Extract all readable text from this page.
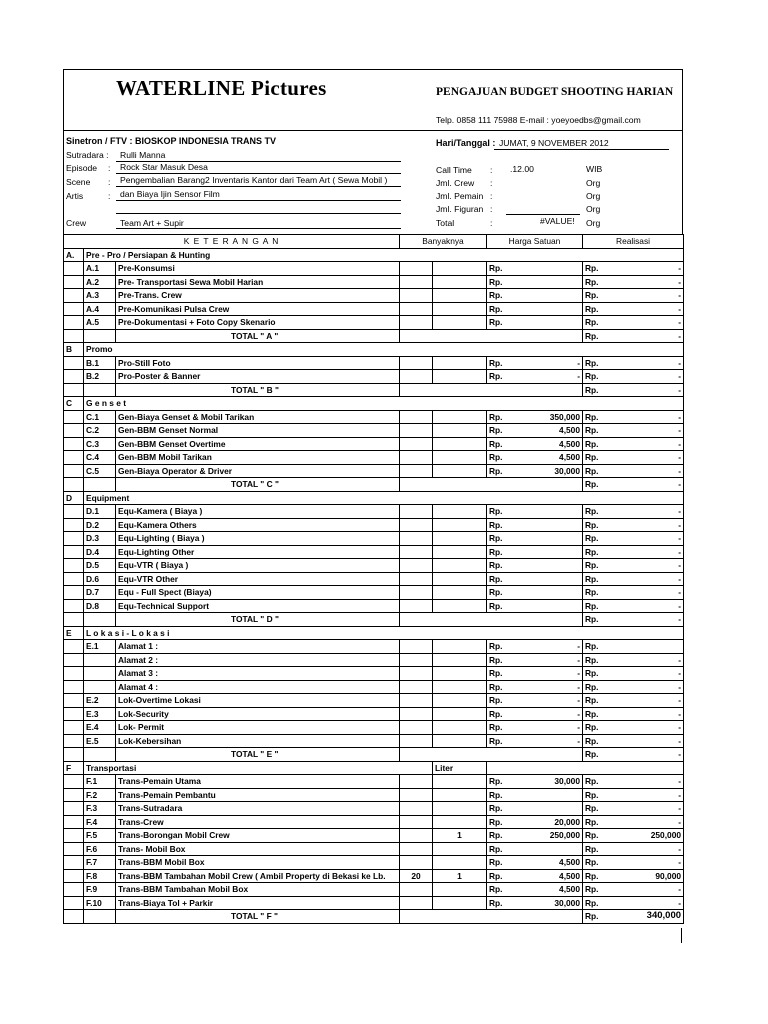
WATERLINE Pictures	PENGAJUAN BUDGET SHOOTING HARIAN
Telp. 0858 111 75988 E-mail : yoeyoedbs@gmail.com
Sinetron / FTV : BIOSKOP INDONESIA TRANS TV
Sutradara : Rulli Manna
Episode : Rock Star Masuk Desa
Scene : Pengembalian Barang2 Inventaris Kantor dari Team Art ( Sewa Mobil )
Artis	: dan Biaya Ijin Sensor Film
Crew	Team Art + Supir
Hari/Tanggal : JUMAT, 9 NOVEMBER 2012
Call Time : .12.00	WIB
Jml. Crew :	Org
Jml. Pemain :	Org
Jml. Figuran :	Org
Total	:	#VALUE! Org
K E T E R A N G A N			Banyaknya		Harga Satuan		Realisasi	
A.	Pre - Pro / Persiapan & Hunting							
	A.1	Pre-Konsumsi			Rp.		Rp.	-
	A.2	Pre- Transportasi Sewa Mobil Harian			Rp.		Rp.	-
	A.3	Pre-Trans. Crew			Rp.		Rp.	-
	A.4	Pre-Komunikasi Pulsa Crew			Rp.		Rp.	-
	A.5	Pre-Dokumentasi + Foto Copy Skenario			Rp.		Rp.	-
		TOTAL " A "					Rp.	-
B	Promo							
	B.1	Pro-Still Foto			Rp.	-	Rp.	-
	B.2	Pro-Poster & Banner			Rp.	-	Rp.	-
		TOTAL " B "					Rp.	-
C	G e n s e t							
	C.1	Gen-Biaya Genset & Mobil Tarikan			Rp.	350,000	Rp.	-
	C.2	Gen-BBM Genset Normal			Rp.	4,500	Rp.	-
	C.3	Gen-BBM Genset Overtime			Rp.	4,500	Rp.	-
	C.4	Gen-BBM Mobil Tarikan			Rp.	4,500	Rp.	-
	C.5	Gen-Biaya Operator & Driver			Rp.	30,000	Rp.	-
		TOTAL " C "					Rp.	-
D	Equipment							
	D.1	Equ-Kamera ( Biaya )			Rp.		Rp.	-
	D.2	Equ-Kamera Others			Rp.		Rp.	-
	D.3	Equ-Lighting ( Biaya )			Rp.		Rp.	-
	D.4	Equ-Lighting Other			Rp.		Rp.	-
	D.5	Equ-VTR ( Biaya )			Rp.		Rp.	-
	D.6	Equ-VTR Other			Rp.		Rp.	-
	D.7	Equ - Full Spect (Biaya)			Rp.		Rp.	-
	D.8	Equ-Technical Support			Rp.		Rp.	-
		TOTAL " D "					Rp.	-
E	L o k a s i - L o k a s i							
	E.1	Alamat 1 :			Rp.	-	Rp.	
		Alamat 2 :			Rp.	-	Rp.	-
		Alamat 3 :			Rp.	-	Rp.	-
		Alamat 4 :			Rp.	-	Rp.	-
	E.2	Lok-Overtime Lokasi			Rp.	-	Rp.	-
	E.3	Lok-Security			Rp.	-	Rp.	-
	E.4	Lok- Permit			Rp.	-	Rp.	-
	E.5	Lok-Kebersihan			Rp.	-	Rp.	-
		TOTAL " E "					Rp.	-
F	Transportasi			Liter				
	F.1	Trans-Pemain Utama			Rp.	30,000	Rp.	-
	F.2	Trans-Pemain Pembantu			Rp.		Rp.	-
	F.3	Trans-Sutradara			Rp.		Rp.	-
	F.4	Trans-Crew			Rp.	20,000	Rp.	-
	F.5	Trans-Borongan Mobil Crew		1	Rp.	250,000	Rp.	250,000
	F.6	Trans- Mobil Box			Rp.		Rp.	-
	F.7	Trans-BBM Mobil Box			Rp.	4,500	Rp.	-
	F.8	Trans-BBM Tambahan Mobil Crew ( Ambil Property di Bekasi ke Lb.	20	1	Rp.	4,500	Rp.	90,000
	F.9	Trans-BBM Tambahan Mobil Box			Rp.	4,500	Rp.	-
	F.10	Trans-Biaya Tol + Parkir			Rp.	30,000	Rp.	-
		TOTAL " F "					Rp.	340,000
